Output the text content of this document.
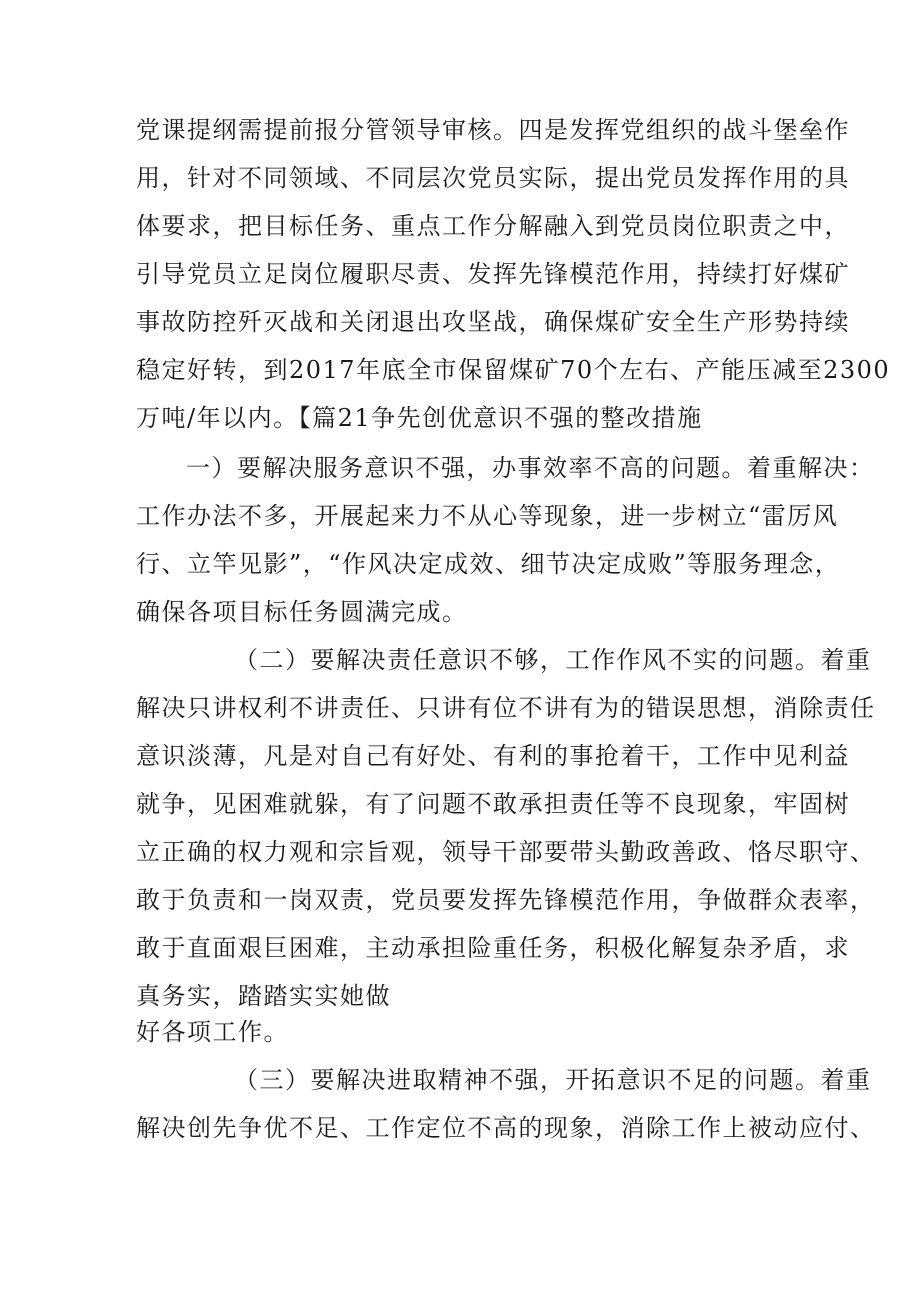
党课提纲需提前报分管领导审核。四是发挥党组织的战斗堡垒作
用，针对不同领域、不同层次党员实际，提出党员发挥作用的具
体要求，把目标任务、重点工作分解融入到党员岗位职责之中，
引导党员立足岗位履职尽责、发挥先锋模范作用，持续打好煤矿
事故防控歼灭战和关闭退出攻坚战，确保煤矿安全生产形势持续
稳定好转，到2017年底全市保留煤矿70个左右、产能压减至2300
万吨/年以内。【篇21争先创优意识不强的整改措施
一）要解决服务意识不强，办事效率不高的问题。着重解决：
工作办法不多，开展起来力不从心等现象，进一步树立“雷厉风
行、立竿见影”，“作风决定成效、细节决定成败”等服务理念，
确保各项目标任务圆满完成。
（二）要解决责任意识不够，工作作风不实的问题。着重
解决只讲权利不讲责任、只讲有位不讲有为的错误思想，消除责任
意识淡薄，凡是对自己有好处、有利的事抢着干，工作中见利益
就争，见困难就躲，有了问题不敢承担责任等不良现象，牢固树
立正确的权力观和宗旨观，领导干部要带头勤政善政、恪尽职守、
敢于负责和一岗双责，党员要发挥先锋模范作用，争做群众表率，
敢于直面艰巨困难，主动承担险重任务，积极化解复杂矛盾，求
真务实，踏踏实实她做
好各项工作。
（三）要解决进取精神不强，开拓意识不足的问题。着重
解决创先争优不足、工作定位不高的现象，消除工作上被动应付、
